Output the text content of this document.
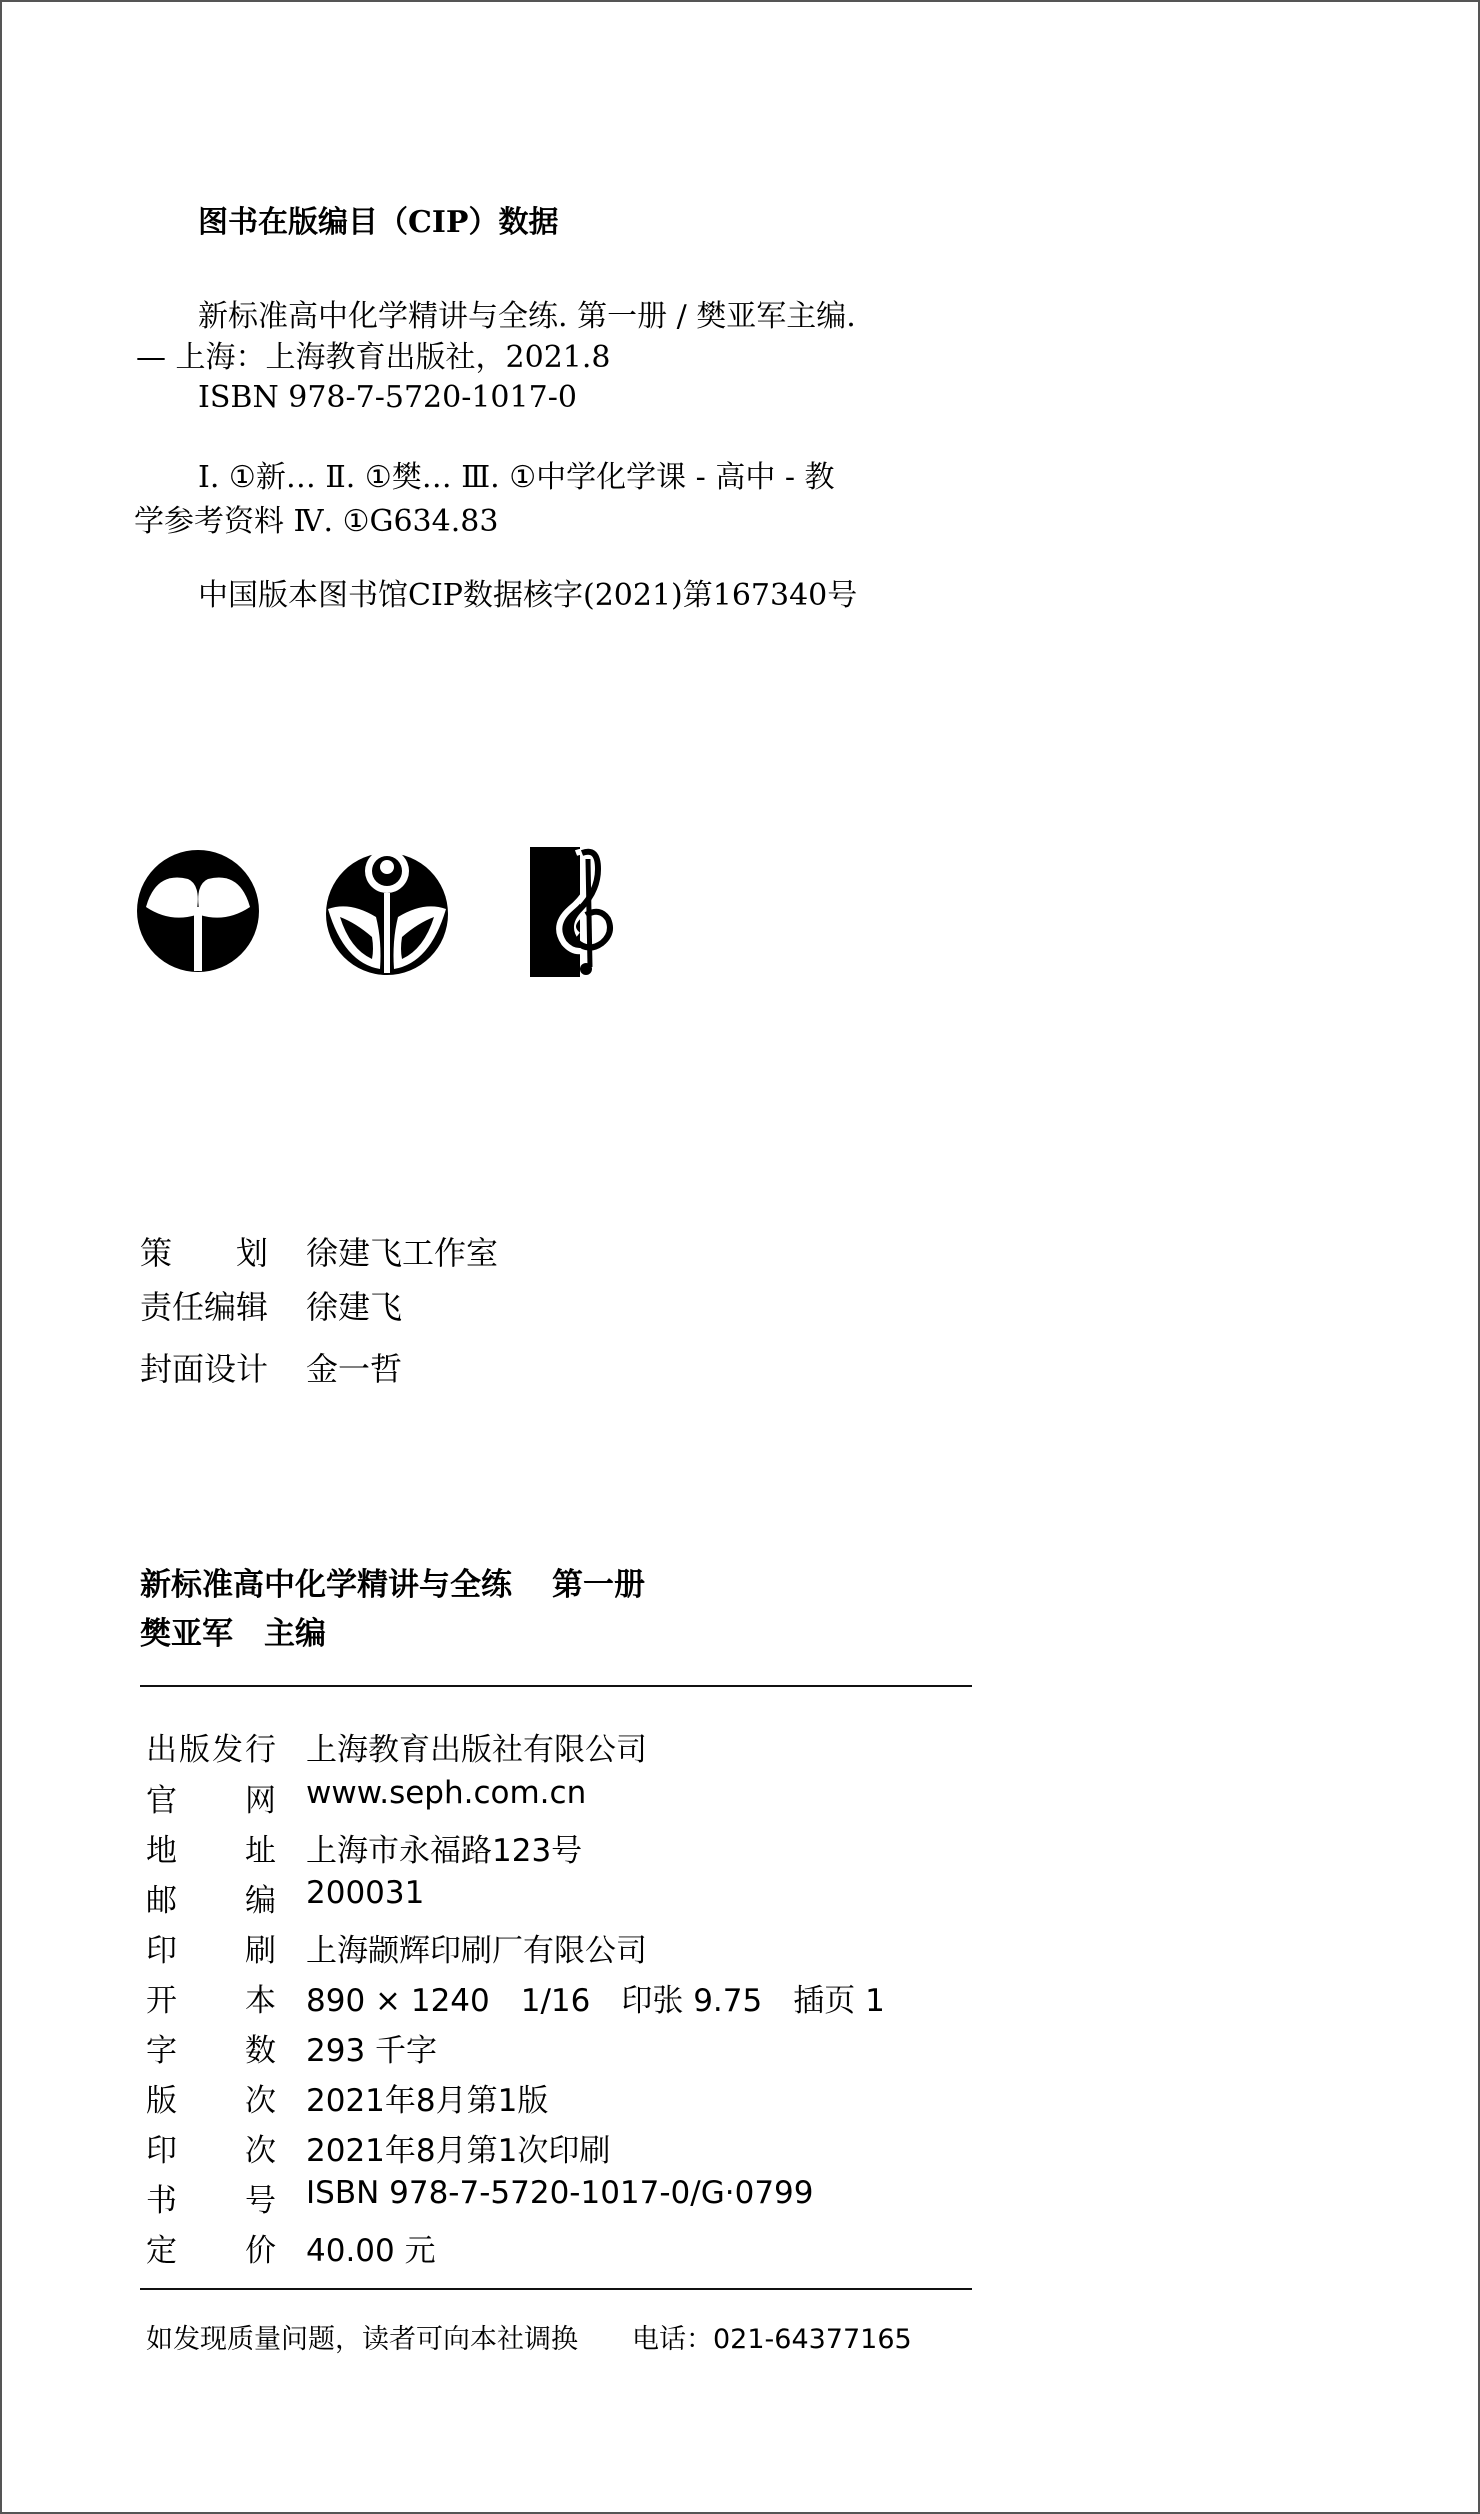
图书在版编目（CIP）数据
新标准高中化学精讲与全练. 第一册 / 樊亚军主编.
— 上海：上海教育出版社，2021.8
ISBN 978-7-5720-1017-0
Ⅰ. ①新… Ⅱ. ①樊… Ⅲ. ①中学化学课 - 高中 - 教
学参考资料 Ⅳ. ①G634.83
中国版本图书馆CIP数据核字(2021)第167340号
策　　划 徐建飞工作室
责任编辑 徐建飞
封面设计 金一哲
新标准高中化学精讲与全练 第一册
樊亚军　主编
出版发行 上海教育出版社有限公司
官　　网 www.seph.com.cn
地　　址 上海市永福路123号
邮　　编 200031
印　　刷 上海颛辉印刷厂有限公司
开　　本 890 × 1240　1/16　印张 9.75　插页 1
字　　数 293 千字
版　　次 2021年8月第1版
印　　次 2021年8月第1次印刷
书　　号 ISBN 978-7-5720-1017-0/G·0799
定　　价 40.00 元
如发现质量问题，读者可向本社调换　　电话：021-64377165
